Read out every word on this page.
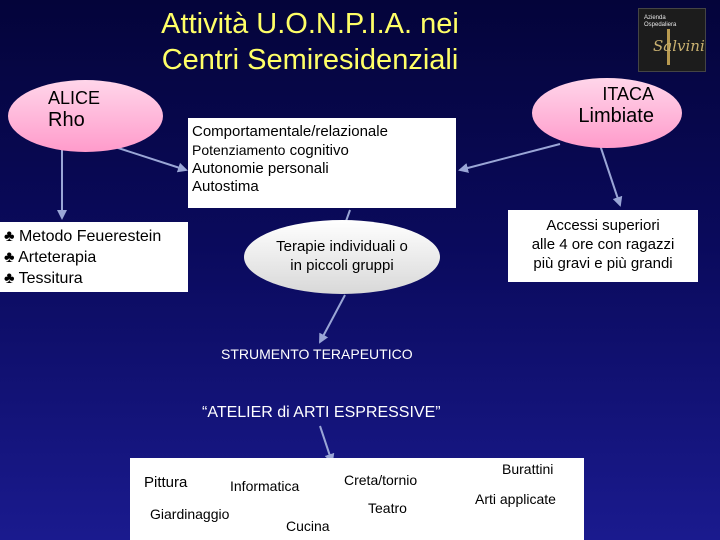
Attività U.O.N.P.I.A. nei
Centri Semiresidenziali
Azienda
Ospedaliera
Salvini
ALICE
Rho
ITACA
Limbiate
Comportamentale/relazionale
Potenziamento cognitivo
Autonomie personali
Autostima
♣ Metodo Feuerestein
♣ Arteterapia
♣ Tessitura
Terapie individuali o
in piccoli gruppi
Accessi superiori
alle 4 ore con ragazzi
più gravi e più grandi
STRUMENTO TERAPEUTICO
“ATELIER di ARTI ESPRESSIVE”
Pittura	Informatica
Giardinaggio
Cucina
Creta/tornio
Teatro
Burattini
Arti applicate
